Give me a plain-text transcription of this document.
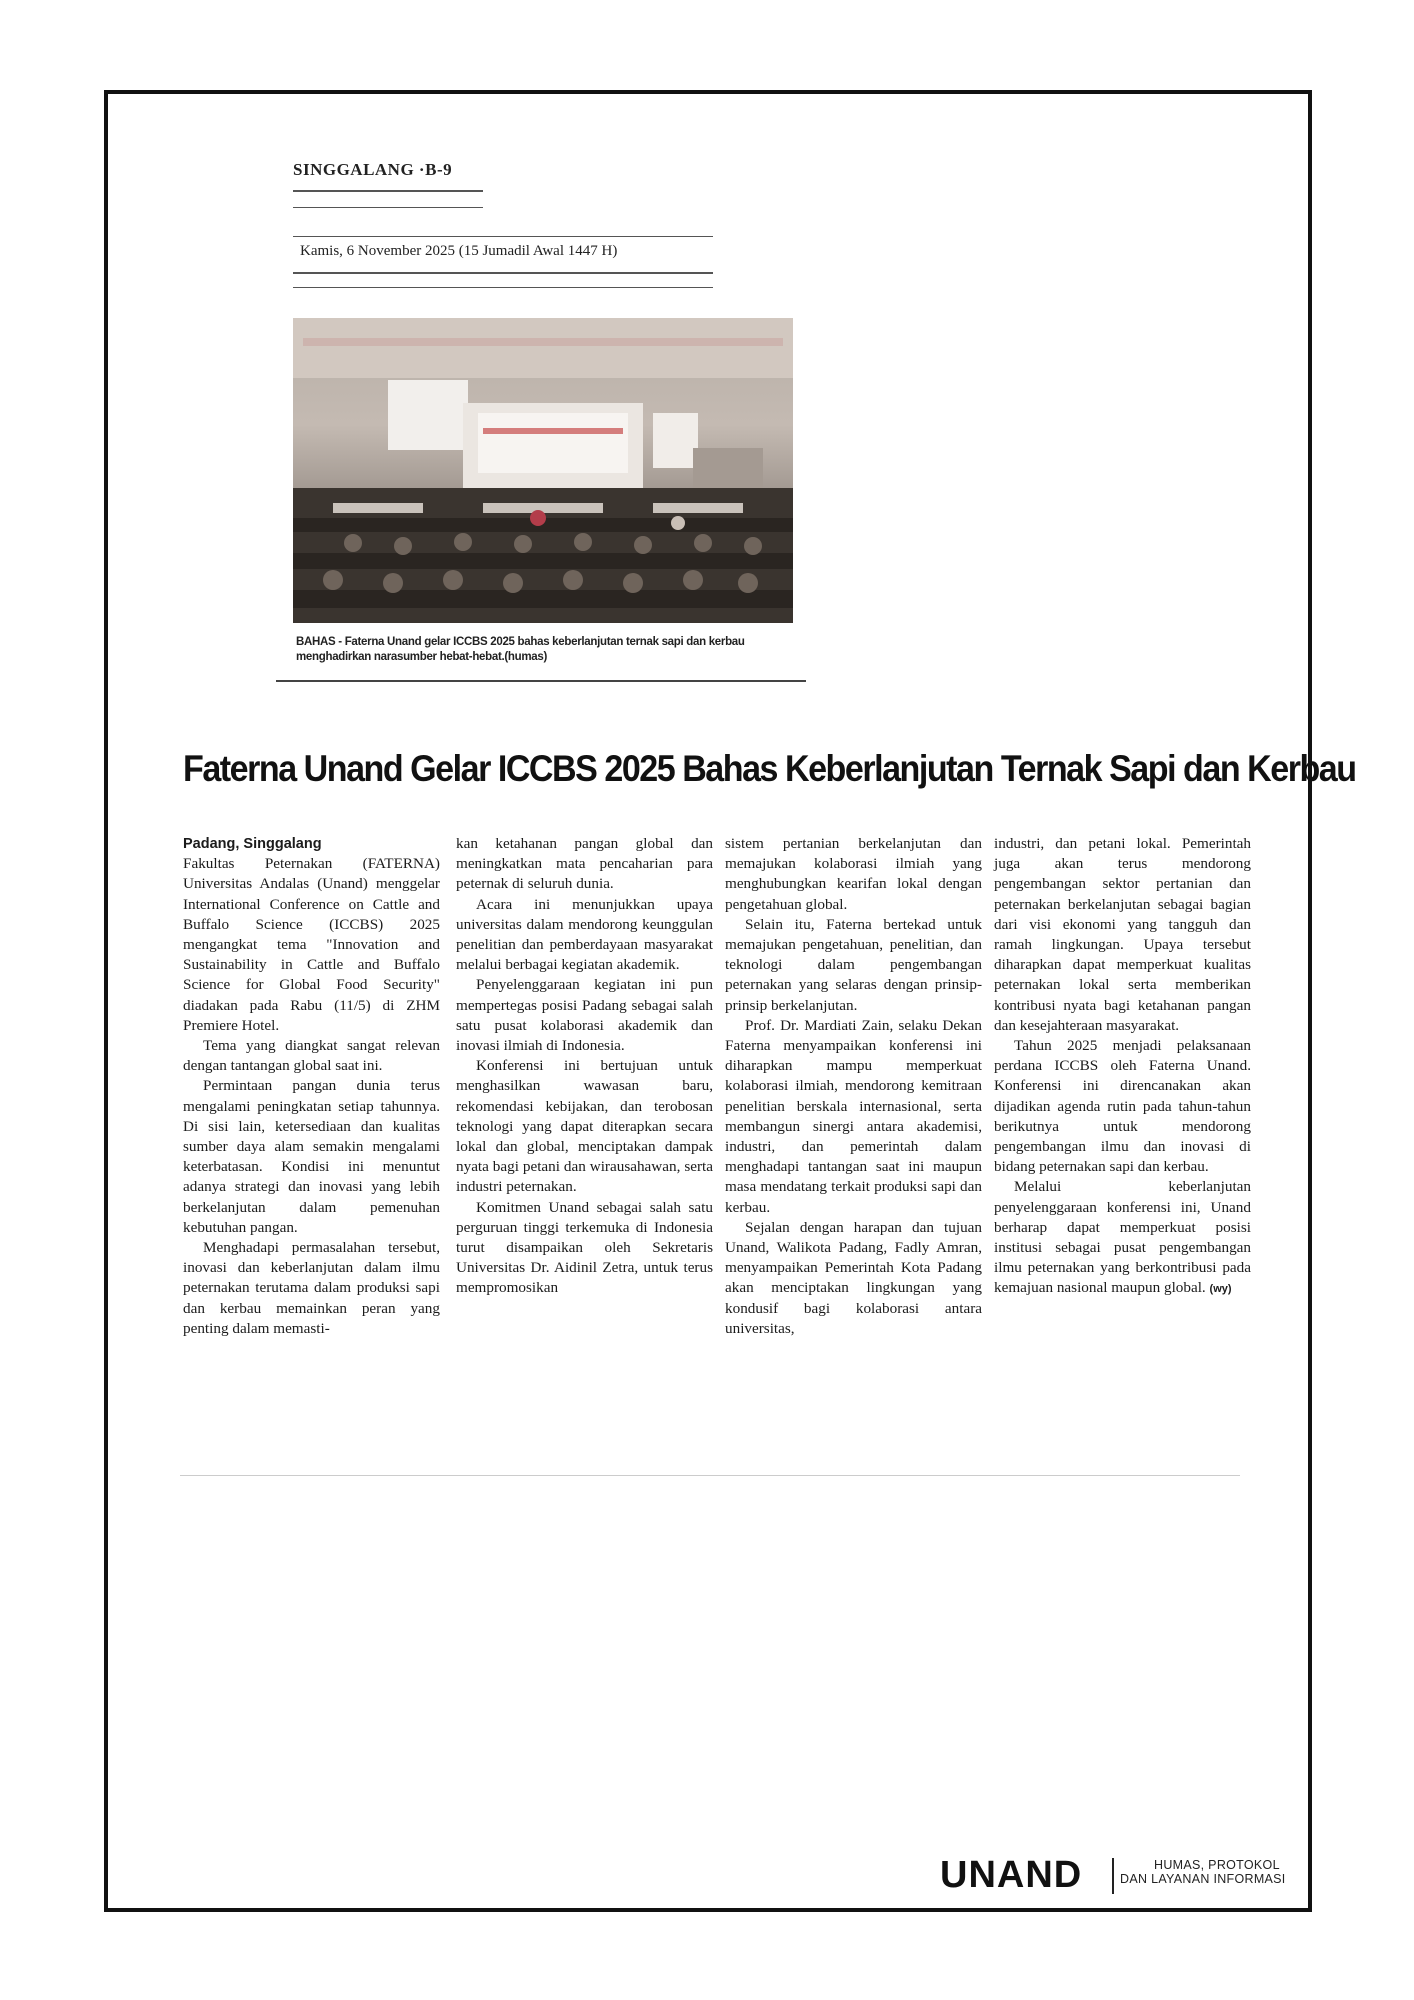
SINGGALANG ·B-9
Kamis, 6 November 2025 (15 Jumadil Awal 1447 H)
BAHAS - Faterna Unand gelar ICCBS 2025 bahas keberlanjutan ternak sapi dan kerbau menghadirkan narasumber hebat-hebat.(humas)
Faterna Unand Gelar ICCBS 2025 Bahas Keberlanjutan Ternak Sapi dan Kerbau

Padang, Singgalang
Fakultas Peternakan (FATERNA) Universitas Andalas (Unand) menggelar International Conference on Cattle and Buffalo Science (ICCBS) 2025 mengangkat tema "Innovation and Sustainability in Cattle and Buffalo Science for Global Food Security" diadakan pada Rabu (11/5) di ZHM Premiere Hotel.

Tema yang diangkat sangat relevan dengan tantangan global saat ini.

Permintaan pangan dunia terus mengalami peningkatan setiap tahunnya. Di sisi lain, ketersediaan dan kualitas sumber daya alam semakin mengalami keterbatasan. Kondisi ini menuntut adanya strategi dan inovasi yang lebih berkelanjutan dalam pemenuhan kebutuhan pangan.

Menghadapi permasalahan tersebut, inovasi dan keberlanjutan dalam ilmu peternakan terutama dalam produksi sapi dan kerbau memainkan peran yang penting dalam memasti-

kan ketahanan pangan global dan meningkatkan mata pencaharian para peternak di seluruh dunia.

Acara ini menunjukkan upaya universitas dalam mendorong keunggulan penelitian dan pemberdayaan masyarakat melalui berbagai kegiatan akademik.

Penyelenggaraan kegiatan ini pun mempertegas posisi Padang sebagai salah satu pusat kolaborasi akademik dan inovasi ilmiah di Indonesia.

Konferensi ini bertujuan untuk menghasilkan wawasan baru, rekomendasi kebijakan, dan terobosan teknologi yang dapat diterapkan secara lokal dan global, menciptakan dampak nyata bagi petani dan wirausahawan, serta industri peternakan.

Komitmen Unand sebagai salah satu perguruan tinggi terkemuka di Indonesia turut disampaikan oleh Sekretaris Universitas Dr. Aidinil Zetra, untuk terus mempromosikan

sistem pertanian berkelanjutan dan memajukan kolaborasi ilmiah yang menghubungkan kearifan lokal dengan pengetahuan global.

Selain itu, Faterna bertekad untuk memajukan pengetahuan, penelitian, dan teknologi dalam pengembangan peternakan yang selaras dengan prinsip-prinsip berkelanjutan.

Prof. Dr. Mardiati Zain, selaku Dekan Faterna menyampaikan konferensi ini diharapkan mampu memperkuat kolaborasi ilmiah, mendorong kemitraan penelitian berskala internasional, serta membangun sinergi antara akademisi, industri, dan pemerintah dalam menghadapi tantangan saat ini maupun masa mendatang terkait produksi sapi dan kerbau.

Sejalan dengan harapan dan tujuan Unand, Walikota Padang, Fadly Amran, menyampaikan Pemerintah Kota Padang akan menciptakan lingkungan yang kondusif bagi kolaborasi antara universitas,

industri, dan petani lokal. Pemerintah juga akan terus mendorong pengembangan sektor pertanian dan peternakan berkelanjutan sebagai bagian dari visi ekonomi yang tangguh dan ramah lingkungan. Upaya tersebut diharapkan dapat memperkuat kualitas peternakan lokal serta memberikan kontribusi nyata bagi ketahanan pangan dan kesejahteraan masyarakat.

Tahun 2025 menjadi pelaksanaan perdana ICCBS oleh Faterna Unand. Konferensi ini direncanakan akan dijadikan agenda rutin pada tahun-tahun berikutnya untuk mendorong pengembangan ilmu dan inovasi di bidang peternakan sapi dan kerbau.

Melalui keberlanjutan penyelenggaraan konferensi ini, Unand berharap dapat memperkuat posisi institusi sebagai pusat pengembangan ilmu peternakan yang berkontribusi pada kemajuan nasional maupun global. (wy)

UNAND	HUMAS, PROTOKOL
DAN LAYANAN INFORMASI
